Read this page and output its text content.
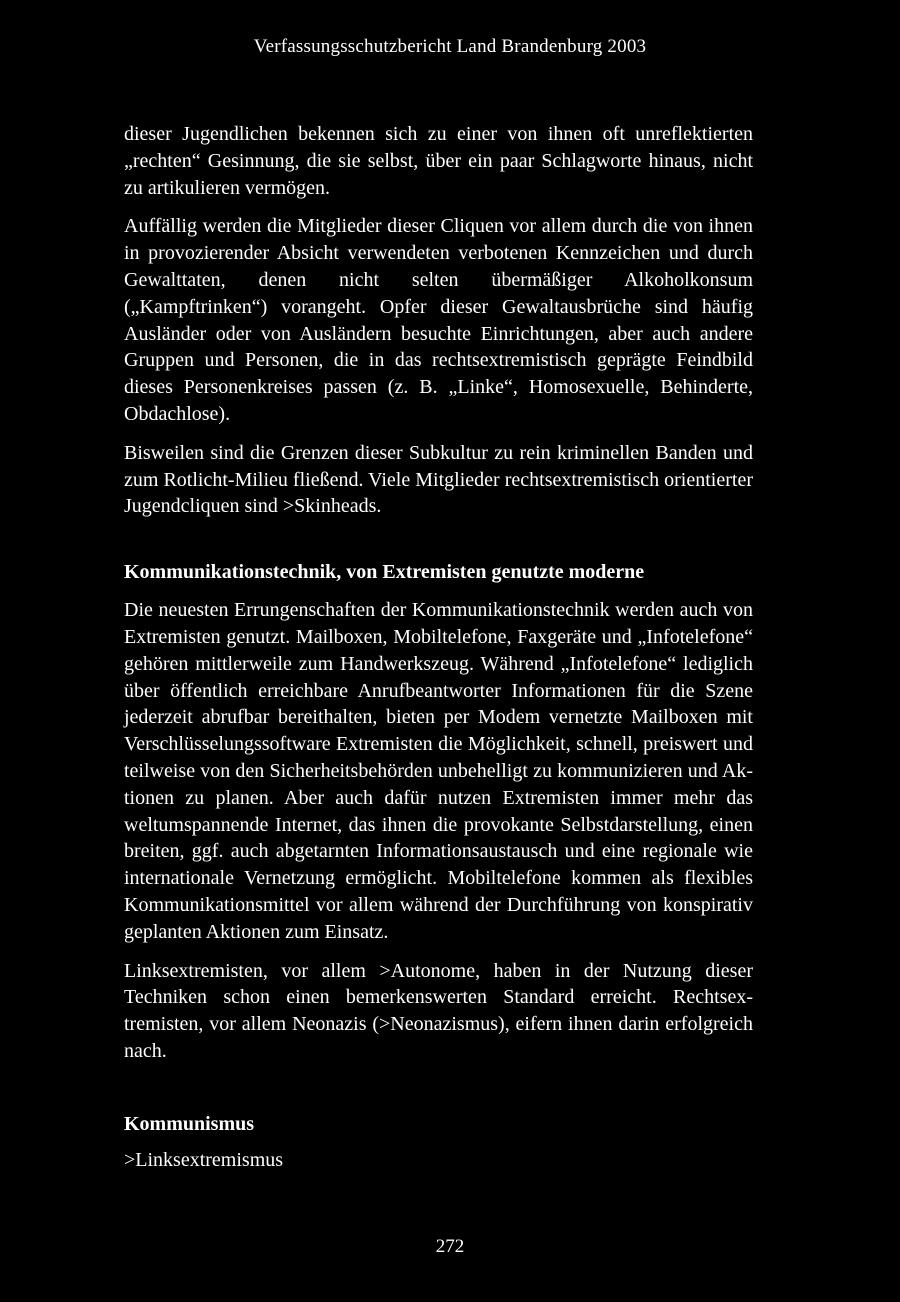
Verfassungsschutzbericht Land Brandenburg 2003

dieser Jugendlichen bekennen sich zu einer von ihnen oft unreflektierten „rechten“ Gesinnung, die sie selbst, über ein paar Schlagworte hinaus, nicht zu artikulieren vermögen.

Auffällig werden die Mitglieder dieser Cliquen vor allem durch die von ihnen in provozierender Absicht verwendeten verbotenen Kennzeichen und durch Gewalttaten, denen nicht selten übermäßiger Alkoholkonsum („Kampftrinken“) vorangeht. Opfer dieser Gewaltausbrüche sind häufig Ausländer oder von Ausländern besuchte Einrichtungen, aber auch andere Gruppen und Personen, die in das rechtsextremistisch geprägte Feindbild dieses Personenkreises passen (z. B. „Linke“, Homosexuelle, Behinderte, Obdachlose).

Bisweilen sind die Grenzen dieser Subkultur zu rein kriminellen Banden und zum Rotlicht-Milieu fließend. Viele Mitglieder rechtsextremistisch orientierter Jugendcliquen sind >Skinheads.

Kommunikationstechnik, von Extremisten genutzte moderne

Die neuesten Errungenschaften der Kommunikationstechnik werden auch von Extremisten genutzt. Mailboxen, Mobiltelefone, Faxgeräte und „Infotelefone“ gehören mittlerweile zum Handwerkszeug. Während „Infotelefone“ lediglich über öffentlich erreichbare Anrufbeantworter Informationen für die Szene jederzeit abrufbar bereithalten, bieten per Modem vernetzte Mailboxen mit Verschlüsselungssoftware Extremisten die Möglichkeit, schnell, preiswert und teilweise von den Sicherheitsbehörden unbehelligt zu kommunizieren und Aktionen zu planen. Aber auch dafür nutzen Extremisten immer mehr das weltumspannende Internet, das ihnen die provokante Selbstdarstellung, einen breiten, ggf. auch abgetarnten Informationsaustausch und eine regionale wie internationale Vernetzung ermöglicht. Mobiltelefone kommen als flexibles Kommunikationsmittel vor allem während der Durchführung von konspirativ geplanten Aktionen zum Einsatz.

Linksextremisten, vor allem >Autonome, haben in der Nutzung dieser Techniken schon einen bemerkenswerten Standard erreicht. Rechtsextremisten, vor allem Neonazis (>Neonazismus), eifern ihnen darin erfolgreich nach.

Kommunismus

>Linksextremismus

272
